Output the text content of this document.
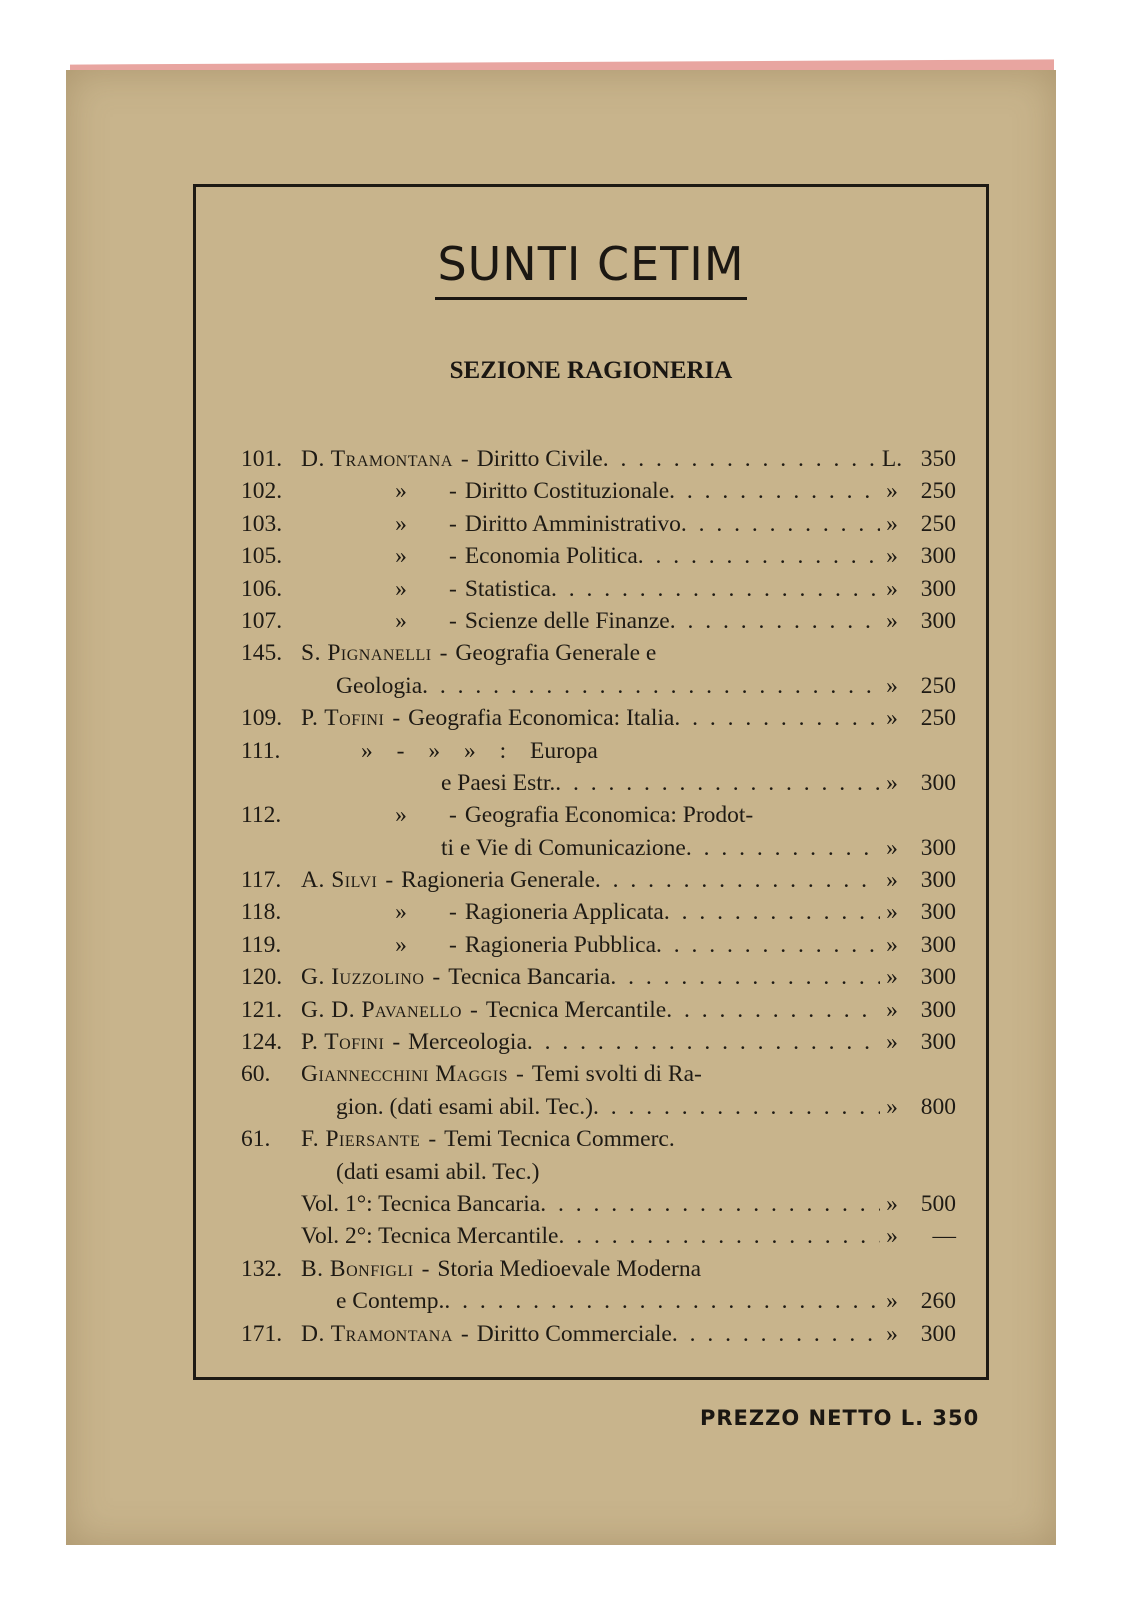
SUNTI CETIM
SEZIONE RAGIONERIA
101. D. Tramontana - Diritto Civile . . .	L. 350
102.	»	- Diritto Costituzionale . . .	» 250
103.	»	- Diritto Amministrativo . . .	» 250
105.	»	- Economia Politica . . .	» 300
106.	»	- Statistica . . .	» 300
107.	»	- Scienze delle Finanze . . .	» 300
145. S. Pignanelli - Geografia Generale e
Geologia . . .	» 250
109. P. Tofini - Geografia Economica: Italia . . .	» 250
111.	» - » » : Europa
e Paesi Estr. . . .	» 300
112.	»	- Geografia Economica: Prodot-
ti e Vie di Comunicazione . . .	» 300
117. A. Silvi - Ragioneria Generale . . .	» 300
118.	»	- Ragioneria Applicata . . .	» 300
119.	»	- Ragioneria Pubblica . . .	» 300
120. G. Iuzzolino - Tecnica Bancaria . . .	» 300
121. G. D. Pavanello - Tecnica Mercantile . . .	» 300
124. P. Tofini - Merceologia . . .	» 300
60.	Giannecchini Maggis - Temi svolti di Ra-
gion. (dati esami abil. Tec.) . . .	» 800
61.	F. Piersante - Temi Tecnica Commerc.
(dati esami abil. Tec.)
Vol. 1°: Tecnica Bancaria . . .	» 500
Vol. 2°: Tecnica Mercantile . . .	»	—
132. B. Bonfigli - Storia Medioevale Moderna
e Contemp. . . .	» 260
171. D. Tramontana - Diritto Commerciale . . .	» 300
PREZZO NETTO L. 350
